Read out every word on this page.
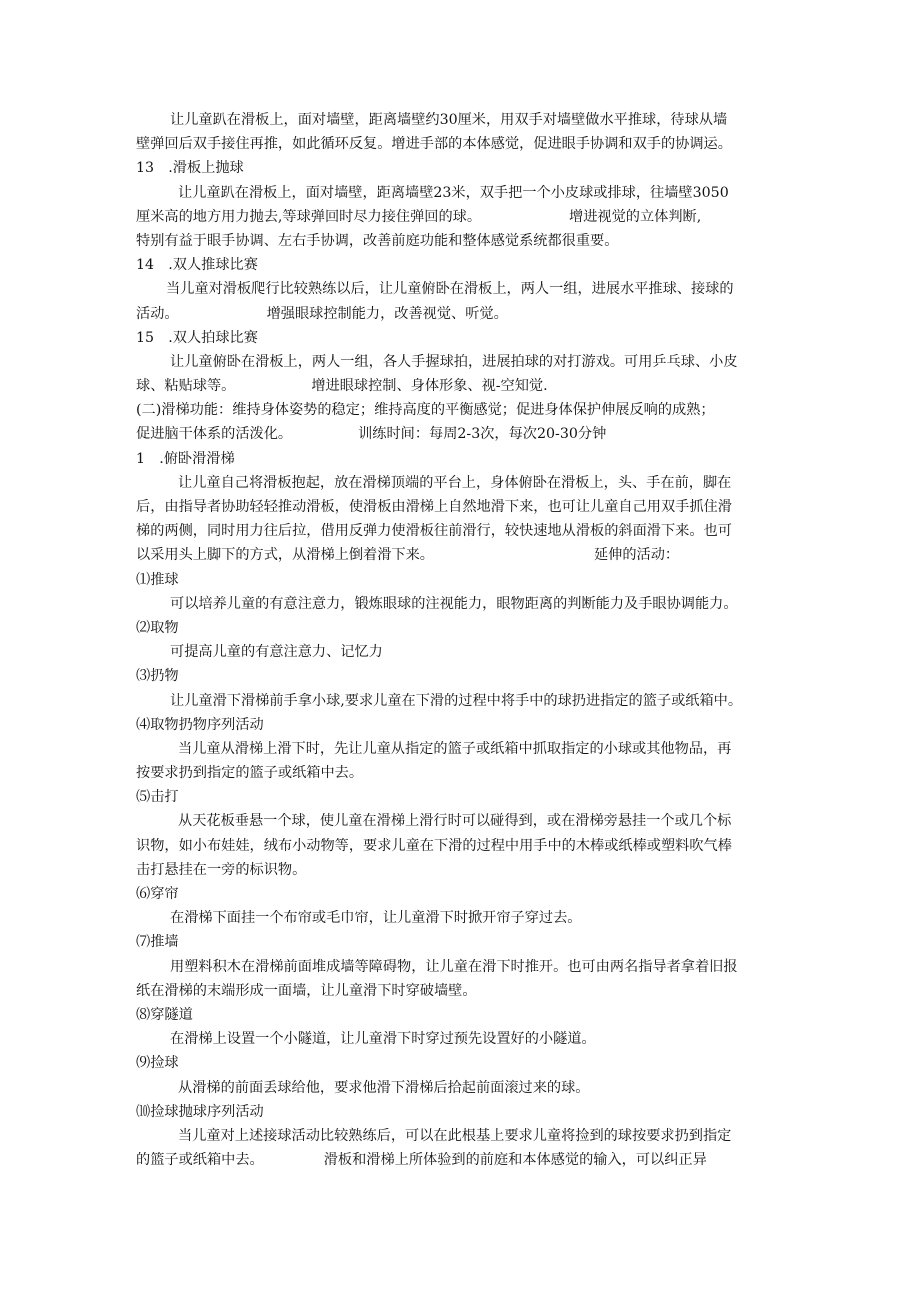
让儿童趴在滑板上，面对墙壁，距离墙壁约30厘米，用双手对墙壁做水平推球，待球从墙
壁弹回后双手接住再推，如此循环反复。增进手部的本体感觉，促进眼手协调和双手的协调运。
13　.滑板上抛球
让儿童趴在滑板上，面对墙壁，距离墙壁23米，双手把一个小皮球或排球，往墙壁3050
厘米高的地方用力抛去,等球弹回时尽力接住弹回的球。	增进视觉的立体判断,
特别有益于眼手协调、左右手协调，改善前庭功能和整体感觉系统都很重要。
14　.双人推球比赛
当儿童对滑板爬行比较熟练以后，让儿童俯卧在滑板上，两人一组，进展水平推球、接球的
活动。	增强眼球控制能力，改善视觉、听觉。
15　.双人拍球比赛
让儿童俯卧在滑板上，两人一组，各人手握球拍，进展拍球的对打游戏。可用乒乓球、小皮
球、粘贴球等。	增进眼球控制、身体形象、视-空知觉.
(二)滑梯功能：维持身体姿势的稳定；维持高度的平衡感觉；促进身体保护伸展反响的成熟；
促进脑干体系的活泼化。	训练时间：每周2-3次，每次20-30分钟
1　.俯卧滑滑梯
让儿童自己将滑板抱起，放在滑梯顶端的平台上，身体俯卧在滑板上，头、手在前，脚在
后，由指导者协助轻轻推动滑板，使滑板由滑梯上自然地滑下来，也可让儿童自己用双手抓住滑
梯的两侧，同时用力往后拉，借用反弹力使滑板往前滑行，较快速地从滑板的斜面滑下来。也可
以采用头上脚下的方式，从滑梯上倒着滑下来。	延伸的活动：
⑴推球
可以培养儿童的有意注意力，锻炼眼球的注视能力，眼物距离的判断能力及手眼协调能力。
⑵取物
可提高儿童的有意注意力、记忆力
⑶扔物
让儿童滑下滑梯前手拿小球,要求儿童在下滑的过程中将手中的球扔进指定的篮子或纸箱中。
⑷取物扔物序列活动
当儿童从滑梯上滑下时，先让儿童从指定的篮子或纸箱中抓取指定的小球或其他物品，再
按要求扔到指定的篮子或纸箱中去。
⑸击打
从天花板垂悬一个球，使儿童在滑梯上滑行时可以碰得到，或在滑梯旁悬挂一个或几个标
识物，如小布娃娃，绒布小动物等，要求儿童在下滑的过程中用手中的木棒或纸棒或塑料吹气棒
击打悬挂在一旁的标识物。
⑹穿帘
在滑梯下面挂一个布帘或毛巾帘，让儿童滑下时掀开帘子穿过去。
⑺推墙
用塑料积木在滑梯前面堆成墙等障碍物，让儿童在滑下时推开。也可由两名指导者拿着旧报
纸在滑梯的末端形成一面墙，让儿童滑下时穿破墙壁。
⑻穿隧道
在滑梯上设置一个小隧道，让儿童滑下时穿过预先设置好的小隧道。
⑼捡球
从滑梯的前面丢球给他，要求他滑下滑梯后拾起前面滚过来的球。
⑽捡球抛球序列活动
当儿童对上述接球活动比较熟练后，可以在此根基上要求儿童将捡到的球按要求扔到指定
的篮子或纸箱中去。	滑板和滑梯上所体验到的前庭和本体感觉的输入，可以纠正异
